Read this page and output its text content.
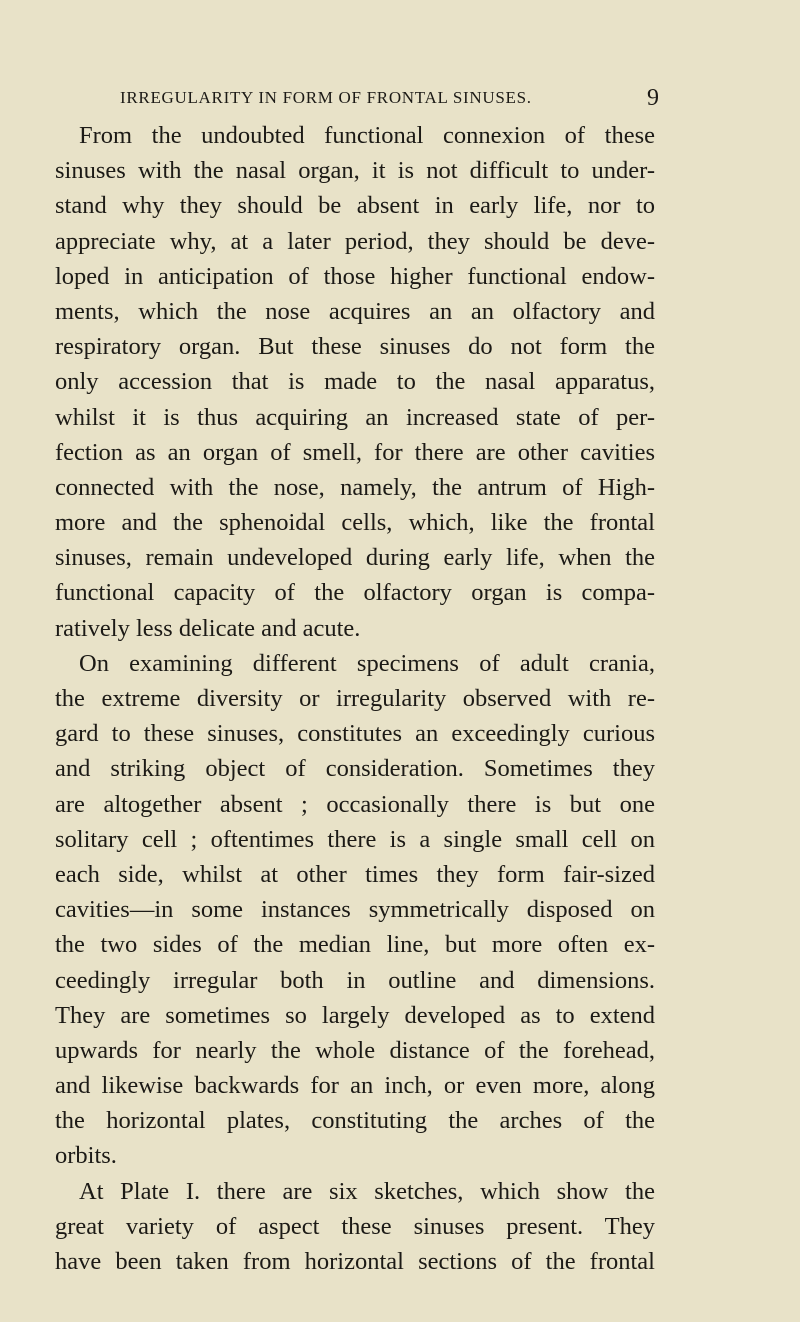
IRREGULARITY IN FORM OF FRONTAL SINUSES.	9
From the undoubted functional connexion of these
sinuses with the nasal organ, it is not difficult to under-
stand why they should be absent in early life, nor to
appreciate why, at a later period, they should be deve-
loped in anticipation of those higher functional endow-
ments, which the nose acquires an an olfactory and
respiratory organ. But these sinuses do not form the
only accession that is made to the nasal apparatus,
whilst it is thus acquiring an increased state of per-
fection as an organ of smell, for there are other cavities
connected with the nose, namely, the antrum of High-
more and the sphenoidal cells, which, like the frontal
sinuses, remain undeveloped during early life, when the
functional capacity of the olfactory organ is compa-
ratively less delicate and acute.
On examining different specimens of adult crania,
the extreme diversity or irregularity observed with re-
gard to these sinuses, constitutes an exceedingly curious
and striking object of consideration. Sometimes they
are altogether absent ; occasionally there is but one
solitary cell ; oftentimes there is a single small cell on
each side, whilst at other times they form fair-sized
cavities—in some instances symmetrically disposed on
the two sides of the median line, but more often ex-
ceedingly irregular both in outline and dimensions.
They are sometimes so largely developed as to extend
upwards for nearly the whole distance of the forehead,
and likewise backwards for an inch, or even more, along
the horizontal plates, constituting the arches of the
orbits.
At Plate I. there are six sketches, which show the
great variety of aspect these sinuses present. They
have been taken from horizontal sections of the frontal
